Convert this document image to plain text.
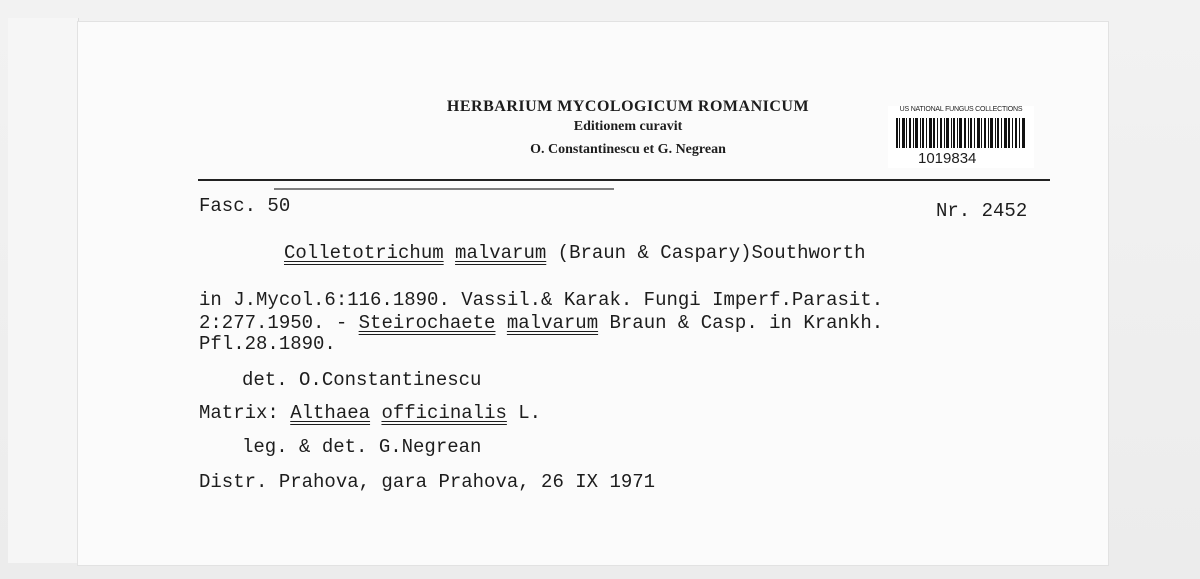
HERBARIUM MYCOLOGICUM ROMANICUM
Editionem curavit
O. Constantinescu et G. Negrean
US NATIONAL FUNGUS COLLECTIONS
1019834
Fasc. 50	Nr. 2452
Colletotrichum malvarum (Braun & Caspary)Southworth
in J.Mycol.6:116.1890. Vassil.& Karak. Fungi Imperf.Parasit.
2:277.1950. - Steirochaete malvarum Braun & Casp. in Krankh.
Pfl.28.1890.
det. O.Constantinescu
Matrix: Althaea officinalis L.
leg. & det. G.Negrean
Distr. Prahova, gara Prahova, 26 IX 1971
